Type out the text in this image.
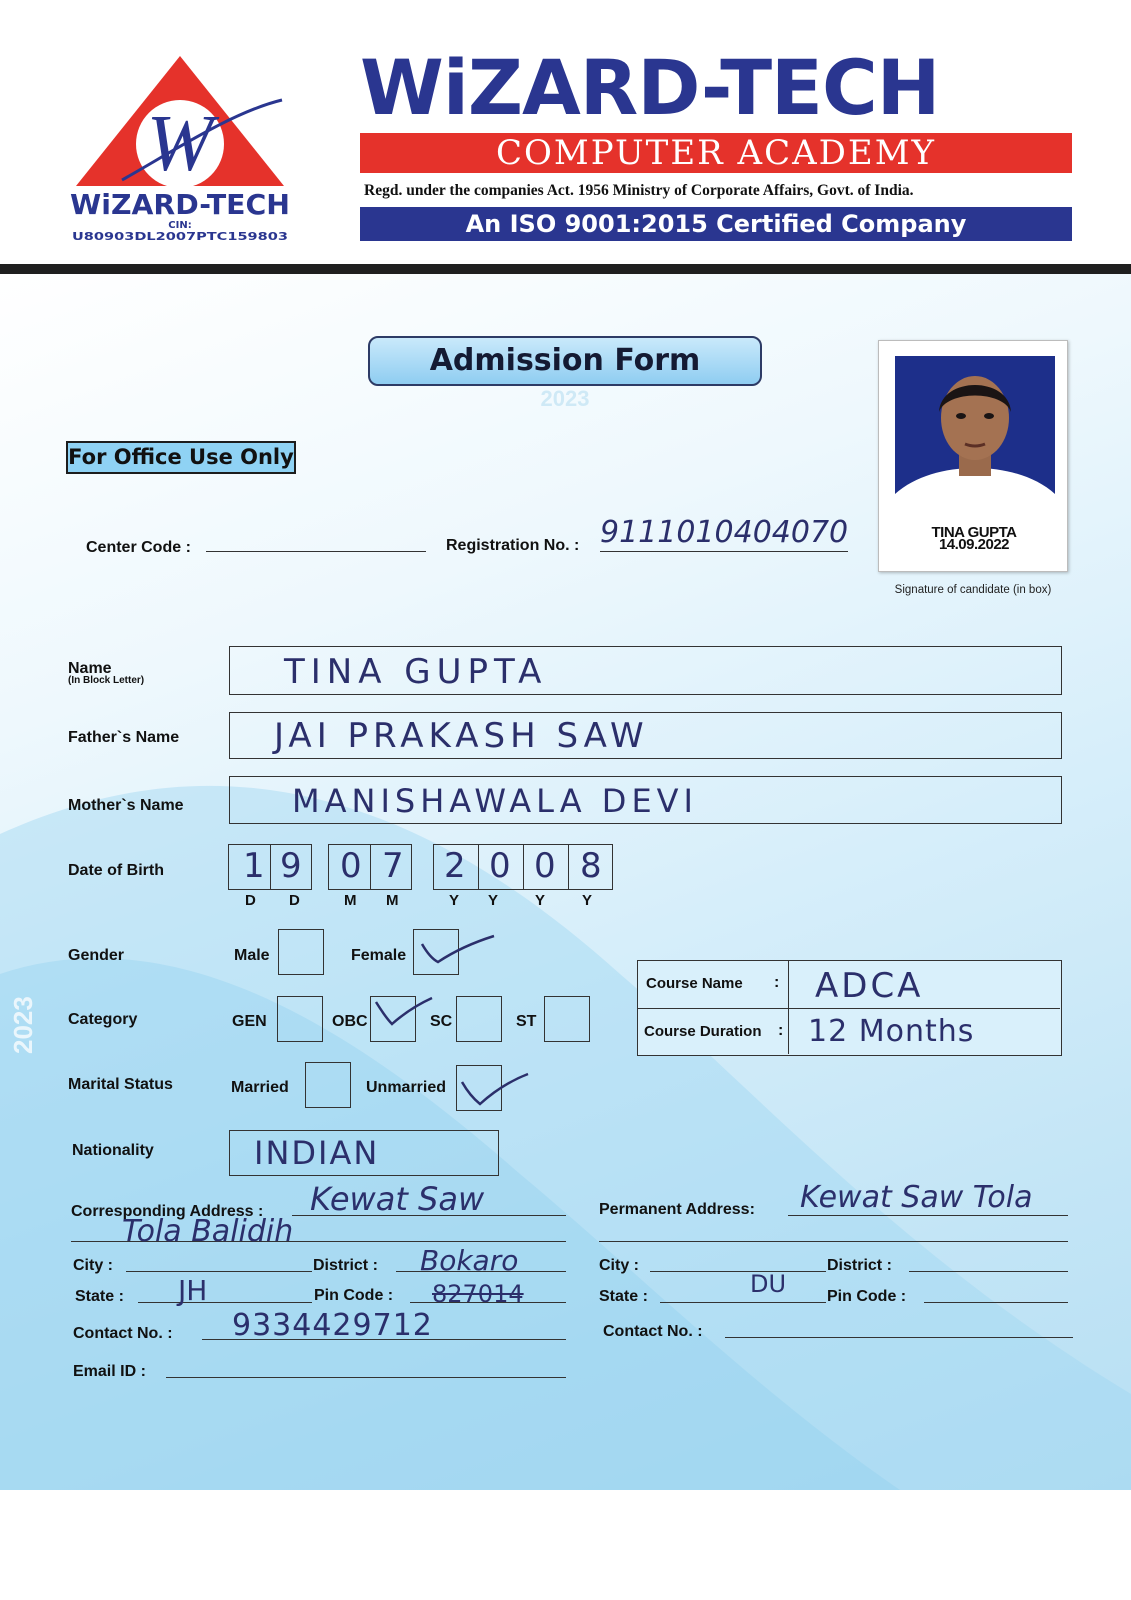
W
WiZARD-TECH
CIN:
U80903DL2007PTC159803
WiZARD-TECH
COMPUTER ACADEMY
Regd. under the companies Act. 1956 Ministry of Corporate Affairs, Govt. of India.
An ISO 9001:2015 Certified Company
2023
Admission Form
2023
For Office Use Only
TINA GUPTA
14.09.2022
Signature of candidate (in box)
Center Code :	Registration No. : 9111010404070
Name
(In Block Letter)	TINA GUPTA
Father`s Name	JAI PRAKASH SAW
Mother`s Name	MANISHAWALA DEVI
Date of Birth 1 9 0 7 2 0 0 8
D D	M M	Y Y Y Y
Gender	Male	Female
Category	GEN	OBC	SC	ST
Marital Status	Married	Unmarried
Course Name : ADCA
Course Duration : 12 Months
Nationality	INDIAN
Corresponding Address : Kewat Saw
Tola Balidih
City :	District : Bokaro
State : JH	Pin Code : 827014
Contact No. : 9334429712
Email ID :
Permanent Address: Kewat Saw Tola
City :	District :
State :	DU	Pin Code :
Contact No. :
